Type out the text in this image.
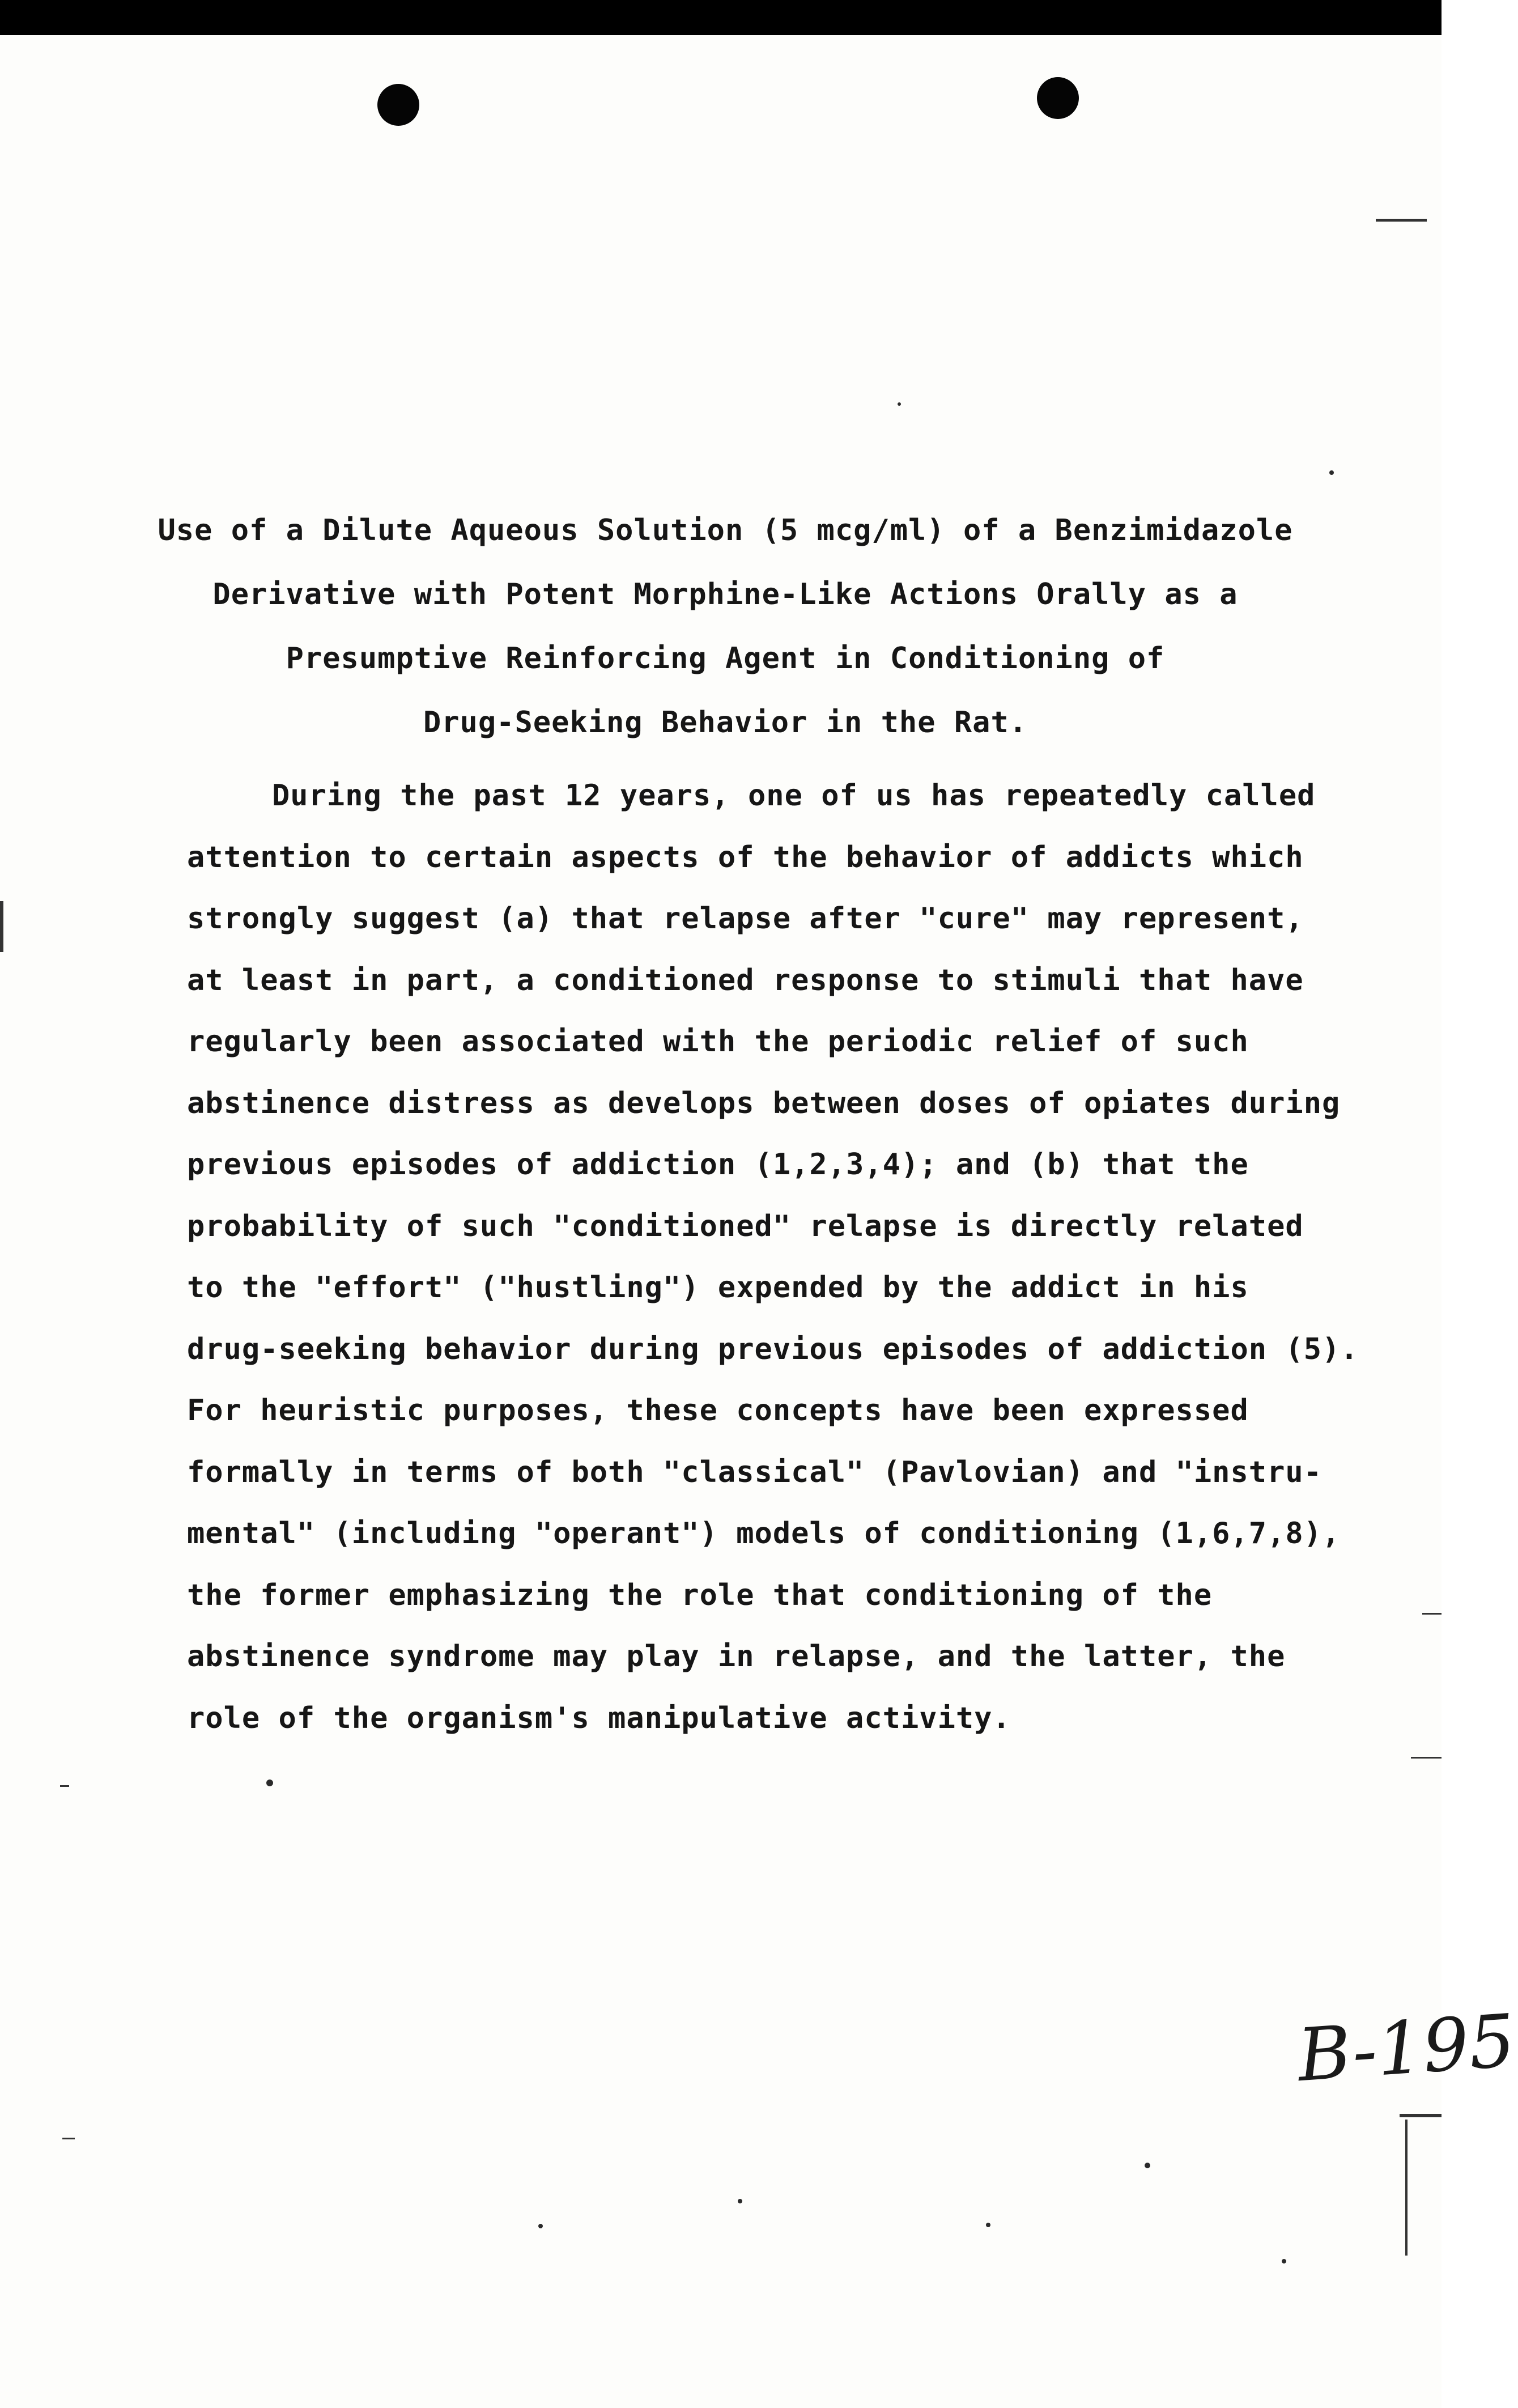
Use of a Dilute Aqueous Solution (5 mcg/ml) of a Benzimidazole
Derivative with Potent Morphine-Like Actions Orally as a
Presumptive Reinforcing Agent in Conditioning of
Drug-Seeking Behavior in the Rat.
During the past 12 years, one of us has repeatedly called
attention to certain aspects of the behavior of addicts which
strongly suggest (a) that relapse after "cure" may represent,
at least in part, a conditioned response to stimuli that have
regularly been associated with the periodic relief of such
abstinence distress as develops between doses of opiates during
previous episodes of addiction (1,2,3,4); and (b) that the
probability of such "conditioned" relapse is directly related
to the "effort" ("hustling") expended by the addict in his
drug-seeking behavior during previous episodes of addiction (5).
For heuristic purposes, these concepts have been expressed
formally in terms of both "classical" (Pavlovian) and "instru-
mental" (including "operant") models of conditioning (1,6,7,8),
the former emphasizing the role that conditioning of the
abstinence syndrome may play in relapse, and the latter, the
role of the organism's manipulative activity.
B-195
